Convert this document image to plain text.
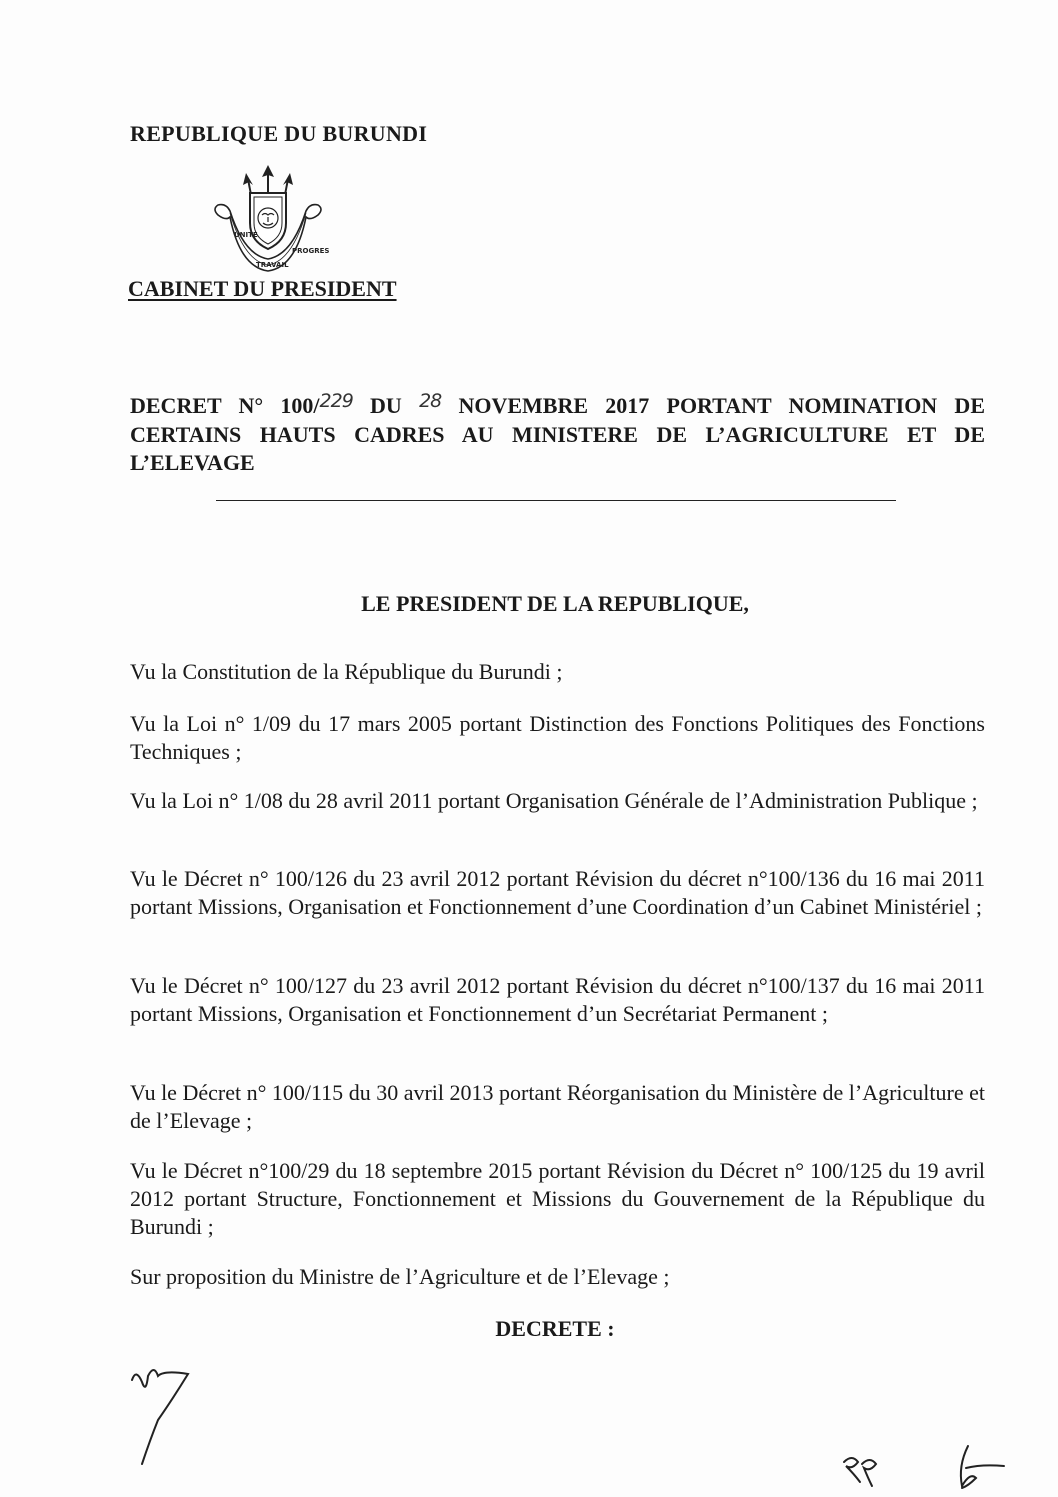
REPUBLIQUE DU BURUNDI
UNITE
TRAVAIL
PROGRES
CABINET DU PRESIDENT
DECRET N° 100/229 DU 28 NOVEMBRE 2017 PORTANT NOMINATION DE CERTAINS HAUTS CADRES AU MINISTERE DE L’AGRICULTURE ET DE L’ELEVAGE
LE PRESIDENT DE LA REPUBLIQUE,
Vu la Constitution de la République du Burundi ;
Vu la Loi n° 1/09 du 17 mars 2005 portant Distinction des Fonctions Politiques des Fonctions Techniques ;
Vu la Loi n° 1/08 du 28 avril 2011 portant Organisation Générale de l’Administration Publique ;
Vu le Décret n° 100/126 du 23 avril 2012 portant Révision du décret n°100/136 du 16 mai 2011 portant Missions, Organisation et Fonctionnement d’une Coordination d’un Cabinet Ministériel ;
Vu le Décret n° 100/127 du 23 avril 2012 portant Révision du décret n°100/137 du 16 mai 2011 portant Missions, Organisation et Fonctionnement d’un Secrétariat Permanent ;
Vu le Décret n° 100/115 du 30 avril 2013 portant Réorganisation du Ministère de l’Agriculture et de l’Elevage ;
Vu le Décret n°100/29 du 18 septembre 2015 portant Révision du Décret n° 100/125 du 19 avril 2012 portant Structure, Fonctionnement et Missions du Gouvernement de la République du Burundi ;
Sur proposition du Ministre de l’Agriculture et de l’Elevage ;
DECRETE :
